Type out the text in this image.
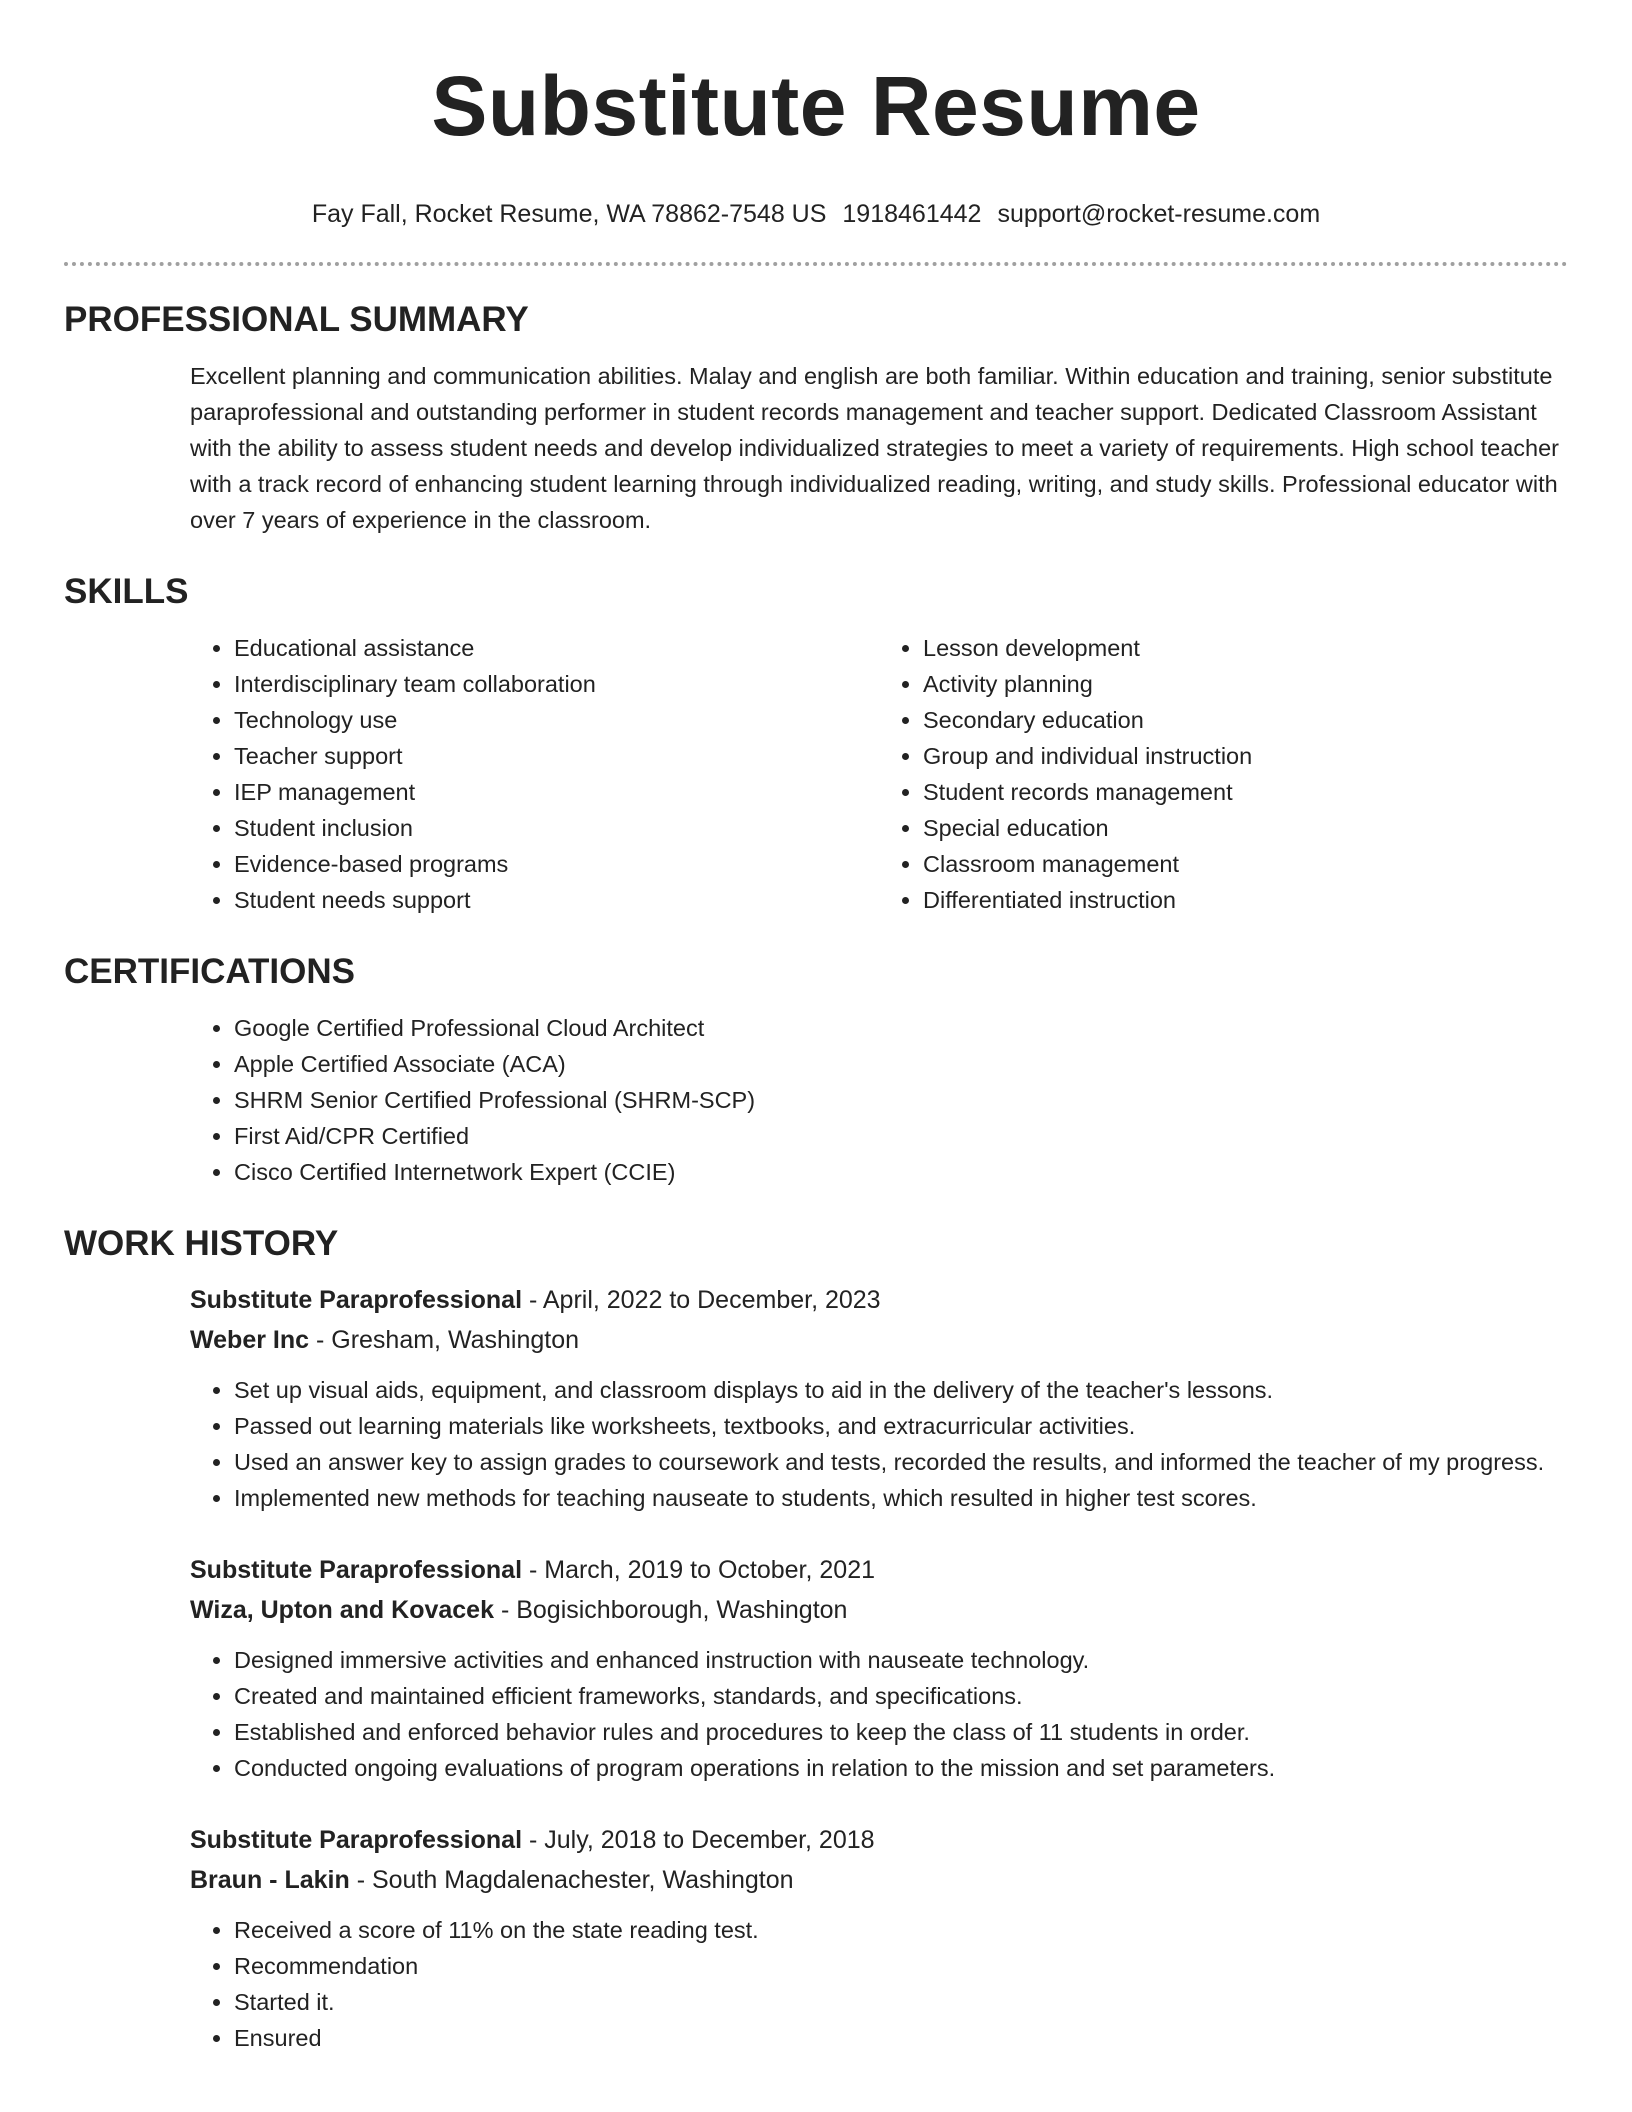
Substitute Resume
Fay Fall, Rocket Resume, WA 78862-7548 US 1918461442 support@rocket-resume.com
PROFESSIONAL SUMMARY

Excellent planning and communication abilities. Malay and english are both familiar. Within education and training, senior substitute paraprofessional and outstanding performer in student records management and teacher support. Dedicated Classroom Assistant with the ability to assess student needs and develop individualized strategies to meet a variety of requirements. High school teacher with a track record of enhancing student learning through individualized reading, writing, and study skills. Professional educator with over 7 years of experience in the classroom.

SKILLS
• Educational assistance
• Interdisciplinary team collaboration
• Technology use
• Teacher support
• IEP management
• Student inclusion
• Evidence-based programs
• Student needs support
• Lesson development
• Activity planning
• Secondary education
• Group and individual instruction
• Student records management
• Special education
• Classroom management
• Differentiated instruction
CERTIFICATIONS
• Google Certified Professional Cloud Architect
• Apple Certified Associate (ACA)
• SHRM Senior Certified Professional (SHRM-SCP)
• First Aid/CPR Certified
• Cisco Certified Internetwork Expert (CCIE)
WORK HISTORY
Substitute Paraprofessional - April, 2022 to December, 2023
Weber Inc - Gresham, Washington
• Set up visual aids, equipment, and classroom displays to aid in the delivery of the teacher's lessons.
• Passed out learning materials like worksheets, textbooks, and extracurricular activities.
• Used an answer key to assign grades to coursework and tests, recorded the results, and informed the teacher of my progress.
• Implemented new methods for teaching nauseate to students, which resulted in higher test scores.
Substitute Paraprofessional - March, 2019 to October, 2021
Wiza, Upton and Kovacek - Bogisichborough, Washington
• Designed immersive activities and enhanced instruction with nauseate technology.
• Created and maintained efficient frameworks, standards, and specifications.
• Established and enforced behavior rules and procedures to keep the class of 11 students in order.
• Conducted ongoing evaluations of program operations in relation to the mission and set parameters.
Substitute Paraprofessional - July, 2018 to December, 2018
Braun - Lakin - South Magdalenachester, Washington
• Received a score of 11% on the state reading test.
• Recommendation
• Started it.
• Ensured
